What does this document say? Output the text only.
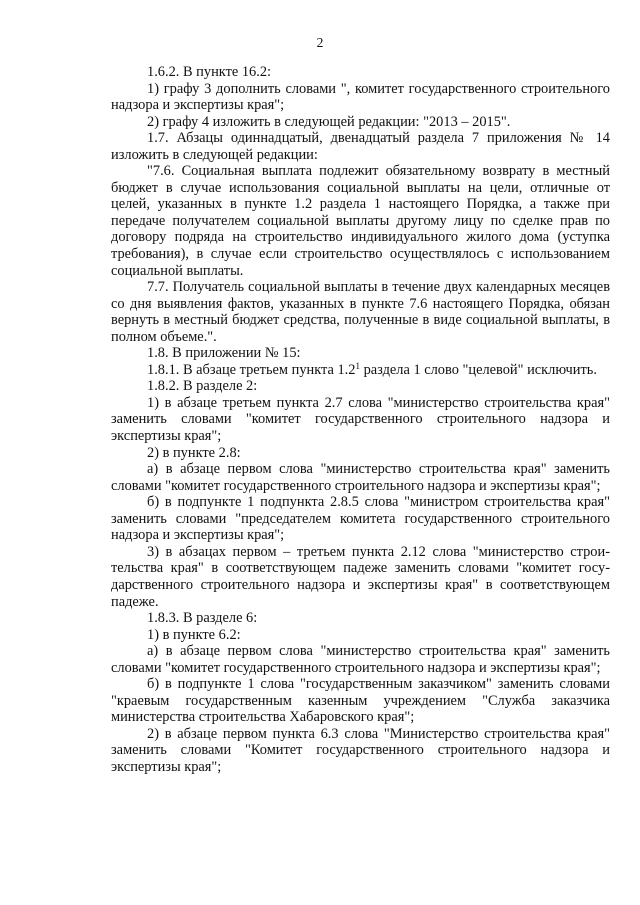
2

1.6.2. В пункте 16.2:

1) графу 3 дополнить словами ", комитет государственного строительного надзора и экспертизы края";

2) графу 4 изложить в следующей редакции: "2013 – 2015".

1.7. Абзацы одиннадцатый, двенадцатый раздела 7 приложения № 14 изложить в следующей редакции:

"7.6. Социальная выплата подлежит обязательному возврату в местный бюджет в случае использования социальной выплаты на цели, отличные от целей, указанных в пункте 1.2 раздела 1 настоящего Порядка, а также при передаче получателем социальной выплаты другому лицу по сделке прав по договору подряда на строительство индивидуального жилого дома (уступка требования), в случае если строительство осуществлялось с использованием социальной выплаты.

7.7. Получатель социальной выплаты в течение двух календарных месяцев со дня выявления фактов, указанных в пункте 7.6 настоящего Порядка, обязан вернуть в местный бюджет средства, полученные в виде социальной выплаты, в полном объеме.".

1.8. В приложении № 15:

1.8.1. В абзаце третьем пункта $1.2^1$ раздела 1 слово "целевой" исключить.

1.8.2. В разделе 2:

1) в абзаце третьем пункта 2.7 слова "министерство строительства края" заменить словами "комитет государственного строительного надзора и экспертизы края";

2) в пункте 2.8:

а) в абзаце первом слова "министерство строительства края" заменить словами "комитет государственного строительного надзора и экспертизы края";

б) в подпункте 1 подпункта 2.8.5 слова "министром строительства края" заменить словами "председателем комитета государственного строительного надзора и экспертизы края";

3) в абзацах первом – третьем пункта 2.12 слова "министерство строительства края" в соответствующем падеже заменить словами "комитет государственного строительного надзора и экспертизы края" в соответствующем падеже.

1.8.3. В разделе 6:

1) в пункте 6.2:

а) в абзаце первом слова "министерство строительства края" заменить словами "комитет государственного строительного надзора и экспертизы края";

б) в подпункте 1 слова "государственным заказчиком" заменить словами "краевым государственным казенным учреждением "Служба заказчика министерства строительства Хабаровского края";

2) в абзаце первом пункта 6.3 слова "Министерство строительства края" заменить словами "Комитет государственного строительного надзора и экспертизы края";
